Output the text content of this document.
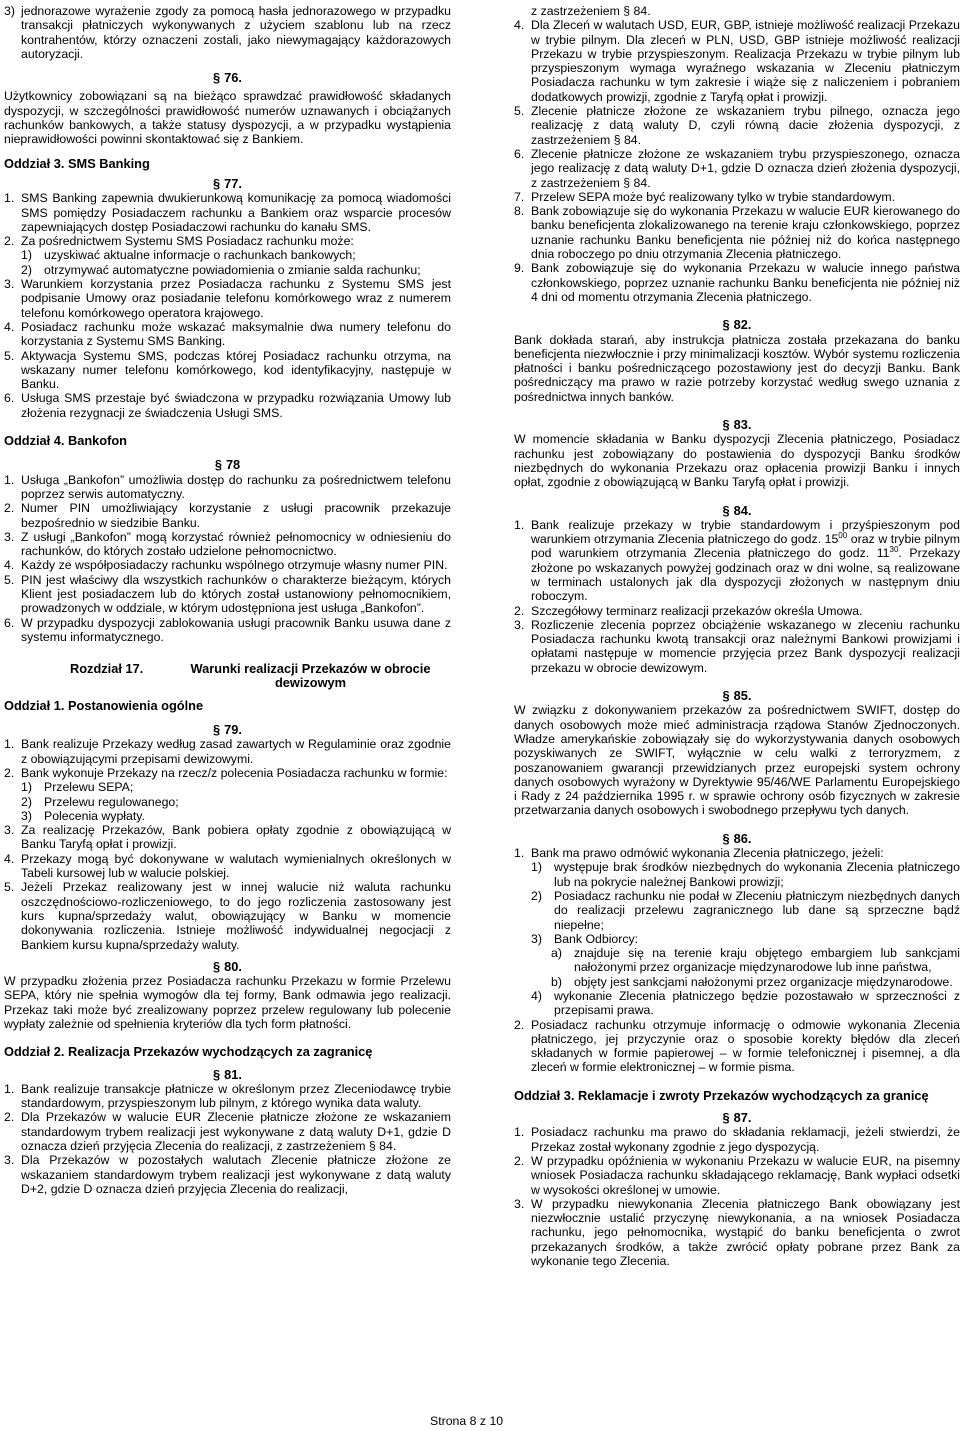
3) jednorazowe wyrażenie zgody za pomocą hasła jednorazowego w przypadku transakcji płatniczych wykonywanych z użyciem szablonu lub na rzecz kontrahentów, którzy oznaczeni zostali, jako niewymagający każdorazowych autoryzacji.

§ 76.

Użytkownicy zobowiązani są na bieżąco sprawdzać prawidłowość składanych dyspozycji, w szczególności prawidłowość numerów uznawanych i obciążanych rachunków bankowych, a także statusy dyspozycji, a w przypadku wystąpienia nieprawidłowości powinni skontaktować się z Bankiem.

Oddział 3. SMS Banking

§ 77.

1. SMS Banking zapewnia dwukierunkową komunikację za pomocą wiadomości SMS pomiędzy Posiadaczem rachunku a Bankiem oraz wsparcie procesów zapewniających dostęp Posiadaczowi rachunku do kanału SMS.

2. Za pośrednictwem Systemu SMS Posiadacz rachunku może:

1) uzyskiwać aktualne informacje o rachunkach bankowych;

2) otrzymywać automatyczne powiadomienia o zmianie salda rachunku;

3. Warunkiem korzystania przez Posiadacza rachunku z Systemu SMS jest podpisanie Umowy oraz posiadanie telefonu komórkowego wraz z numerem telefonu komórkowego operatora krajowego.

4. Posiadacz rachunku może wskazać maksymalnie dwa numery telefonu do korzystania z Systemu SMS Banking.

5. Aktywacja Systemu SMS, podczas której Posiadacz rachunku otrzyma, na wskazany numer telefonu komórkowego, kod identyfikacyjny, następuje w Banku.

6. Usługa SMS przestaje być świadczona w przypadku rozwiązania Umowy lub złożenia rezygnacji ze świadczenia Usługi SMS.

Oddział 4. Bankofon

§ 78

1. Usługa „Bankofon” umożliwia dostęp do rachunku za pośrednictwem telefonu poprzez serwis automatyczny.

2. Numer PIN umożliwiający korzystanie z usługi pracownik przekazuje bezpośrednio w siedzibie Banku.

3. Z usługi „Bankofon” mogą korzystać również pełnomocnicy w odniesieniu do rachunków, do których zostało udzielone pełnomocnictwo.

4. Każdy ze współposiadaczy rachunku wspólnego otrzymuje własny numer PIN.

5. PIN jest właściwy dla wszystkich rachunków o charakterze bieżącym, których Klient jest posiadaczem lub do których został ustanowiony pełnomocnikiem, prowadzonych w oddziale, w którym udostępniona jest usługa „Bankofon”.

6. W przypadku dyspozycji zablokowania usługi pracownik Banku usuwa dane z systemu informatycznego.

Rozdział 17.	Warunki realizacji Przekazów w obrocie dewizowym

Oddział 1. Postanowienia ogólne

§ 79.

1. Bank realizuje Przekazy według zasad zawartych w Regulaminie oraz zgodnie z obowiązującymi przepisami dewizowymi.

2. Bank wykonuje Przekazy na rzecz/z polecenia Posiadacza rachunku w formie:

1) Przelewu SEPA;

2) Przelewu regulowanego;

3) Polecenia wypłaty.

3. Za realizację Przekazów, Bank pobiera opłaty zgodnie z obowiązującą w Banku Taryfą opłat i prowizji.

4. Przekazy mogą być dokonywane w walutach wymienialnych określonych w Tabeli kursowej lub w walucie polskiej.

5. Jeżeli Przekaz realizowany jest w innej walucie niż waluta rachunku oszczędnościowo-rozliczeniowego, to do jego rozliczenia zastosowany jest kurs kupna/sprzedaży walut, obowiązujący w Banku w momencie dokonywania rozliczenia. Istnieje możliwość indywidualnej negocjacji z Bankiem kursu kupna/sprzedaży waluty.

§ 80.

W przypadku złożenia przez Posiadacza rachunku Przekazu w formie Przelewu SEPA, który nie spełnia wymogów dla tej formy, Bank odmawia jego realizacji. Przekaz taki może być zrealizowany poprzez przelew regulowany lub polecenie wypłaty zależnie od spełnienia kryteriów dla tych form płatności.

Oddział 2. Realizacja Przekazów wychodzących za zagranicę

§ 81.

1. Bank realizuje transakcje płatnicze w określonym przez Zleceniodawcę trybie standardowym, przyspieszonym lub pilnym, z którego wynika data waluty.

2. Dla Przekazów w walucie EUR Zlecenie płatnicze złożone ze wskazaniem standardowym trybem realizacji jest wykonywane z datą waluty D+1, gdzie D oznacza dzień przyjęcia Zlecenia do realizacji, z zastrzeżeniem § 84.

3. Dla Przekazów w pozostałych walutach Zlecenie płatnicze złożone ze wskazaniem standardowym trybem realizacji jest wykonywane z datą waluty D+2, gdzie D oznacza dzień przyjęcia Zlecenia do realizacji,

z zastrzeżeniem § 84.

4. Dla Zleceń w walutach USD, EUR, GBP, istnieje możliwość realizacji Przekazu w trybie pilnym. Dla zleceń w PLN, USD, GBP istnieje możliwość realizacji Przekazu w trybie przyspieszonym. Realizacja Przekazu w trybie pilnym lub przyspieszonym wymaga wyraźnego wskazania w Zleceniu płatniczym Posiadacza rachunku w tym zakresie i wiąże się z naliczeniem i pobraniem dodatkowych prowizji, zgodnie z Taryfą opłat i prowizji.

5. Zlecenie płatnicze złożone ze wskazaniem trybu pilnego, oznacza jego realizację z datą waluty D, czyli równą dacie złożenia dyspozycji, z zastrzeżeniem § 84.

6. Zlecenie płatnicze złożone ze wskazaniem trybu przyspieszonego, oznacza jego realizację z datą waluty D+1, gdzie D oznacza dzień złożenia dyspozycji, z zastrzeżeniem § 84.

7. Przelew SEPA może być realizowany tylko w trybie standardowym.

8. Bank zobowiązuje się do wykonania Przekazu w walucie EUR kierowanego do banku beneficjenta zlokalizowanego na terenie kraju członkowskiego, poprzez uznanie rachunku Banku beneficjenta nie później niż do końca następnego dnia roboczego po dniu otrzymania Zlecenia płatniczego.

9. Bank zobowiązuje się do wykonania Przekazu w walucie innego państwa członkowskiego, poprzez uznanie rachunku Banku beneficjenta nie później niż 4 dni od momentu otrzymania Zlecenia płatniczego.

§ 82.

Bank dokłada starań, aby instrukcja płatnicza została przekazana do banku beneficjenta niezwłocznie i przy minimalizacji kosztów. Wybór systemu rozliczenia płatności i banku pośredniczącego pozostawiony jest do decyzji Banku. Bank pośredniczący ma prawo w razie potrzeby korzystać według swego uznania z pośrednictwa innych banków.

§ 83.

W momencie składania w Banku dyspozycji Zlecenia płatniczego, Posiadacz rachunku jest zobowiązany do postawienia do dyspozycji Banku środków niezbędnych do wykonania Przekazu oraz opłacenia prowizji Banku i innych opłat, zgodnie z obowiązującą w Banku Taryfą opłat i prowizji.

§ 84.

1. Bank realizuje przekazy w trybie standardowym i przyśpieszonym pod warunkiem otrzymania Zlecenia płatniczego do godz. $15^{00}$ oraz w trybie pilnym pod warunkiem otrzymania Zlecenia płatniczego do godz. $11^{30}$. Przekazy złożone po wskazanych powyżej godzinach oraz w dni wolne, są realizowane w terminach ustalonych jak dla dyspozycji złożonych w następnym dniu roboczym.

2. Szczegółowy terminarz realizacji przekazów określa Umowa.

3. Rozliczenie zlecenia poprzez obciążenie wskazanego w zleceniu rachunku Posiadacza rachunku kwotą transakcji oraz należnymi Bankowi prowizjami i opłatami następuje w momencie przyjęcia przez Bank dyspozycji realizacji przekazu w obrocie dewizowym.

§ 85.

W związku z dokonywaniem przekazów za pośrednictwem SWIFT, dostęp do danych osobowych może mieć administracja rządowa Stanów Zjednoczonych. Władze amerykańskie zobowiązały się do wykorzystywania danych osobowych pozyskiwanych ze SWIFT, wyłącznie w celu walki z terroryzmem, z poszanowaniem gwarancji przewidzianych przez europejski system ochrony danych osobowych wyrażony w Dyrektywie 95/46/WE Parlamentu Europejskiego i Rady z 24 października 1995 r. w sprawie ochrony osób fizycznych w zakresie przetwarzania danych osobowych i swobodnego przepływu tych danych.

§ 86.

1. Bank ma prawo odmówić wykonania Zlecenia płatniczego, jeżeli:

1) występuje brak środków niezbędnych do wykonania Zlecenia płatniczego lub na pokrycie należnej Bankowi prowizji;

2) Posiadacz rachunku nie podał w Zleceniu płatniczym niezbędnych danych do realizacji przelewu zagranicznego lub dane są sprzeczne bądź niepełne;

3) Bank Odbiorcy:

a) znajduje się na terenie kraju objętego embargiem lub sankcjami nałożonymi przez organizacje międzynarodowe lub inne państwa,

b) objęty jest sankcjami nałożonymi przez organizacje międzynarodowe.

4) wykonanie Zlecenia płatniczego będzie pozostawało w sprzeczności z przepisami prawa.

2. Posiadacz rachunku otrzymuje informację o odmowie wykonania Zlecenia płatniczego, jej przyczynie oraz o sposobie korekty błędów dla zleceń składanych w formie papierowej – w formie telefonicznej i pisemnej, a dla zleceń w formie elektronicznej – w formie pisma.

Oddział 3. Reklamacje i zwroty Przekazów wychodzących za granicę

§ 87.

1. Posiadacz rachunku ma prawo do składania reklamacji, jeżeli stwierdzi, że Przekaz został wykonany zgodnie z jego dyspozycją.

2. W przypadku opóźnienia w wykonaniu Przekazu w walucie EUR, na pisemny wniosek Posiadacza rachunku składającego reklamację, Bank wypłaci odsetki w wysokości określonej w umowie.

3. W przypadku niewykonania Zlecenia płatniczego Bank obowiązany jest niezwłocznie ustalić przyczynę niewykonania, a na wniosek Posiadacza rachunku, jego pełnomocnika, wystąpić do banku beneficjenta o zwrot przekazanych środków, a także zwrócić opłaty pobrane przez Bank za wykonanie tego Zlecenia.

Strona 8 z 10
